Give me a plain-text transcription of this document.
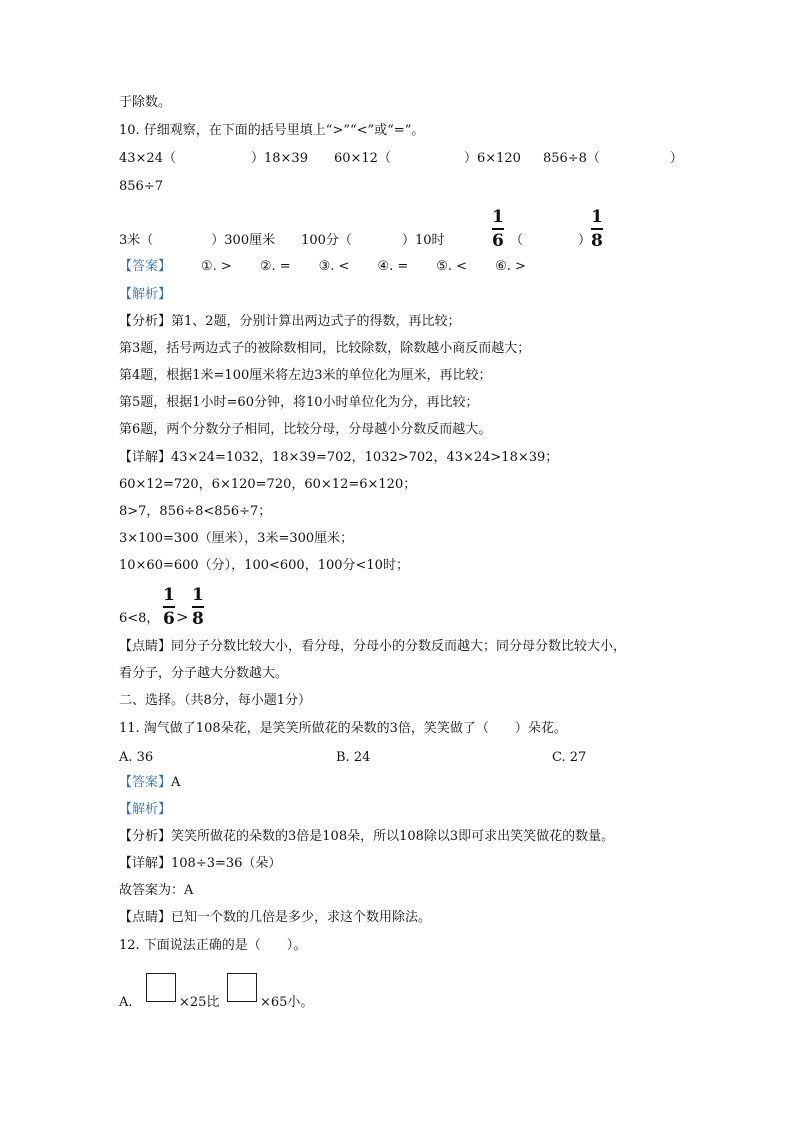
于除数。
10. 仔细观察，在下面的括号里填上“>”“<”或“=”。
43×24（	）18×39 60×12（	）6×120 856÷8（	）
856÷7
3米（	）300厘米 100分（	）10时
1
6 （	）
1
8
【答案】 ①. > ②. = ③. < ④. = ⑤. < ⑥. >
【解析】
【分析】第1、2题，分别计算出两边式子的得数，再比较；
第3题，括号两边式子的被除数相同，比较除数，除数越小商反而越大；
第4题，根据1米=100厘米将左边3米的单位化为厘米，再比较；
第5题，根据1小时=60分钟，将10小时单位化为分，再比较；
第6题，两个分数分子相同，比较分母，分母越小分数反而越大。
【详解】43×24=1032，18×39=702，1032>702，43×24>18×39；
60×12=720，6×120=720，60×12=6×120；
8>7，856÷8<856÷7；
3×100=300（厘米），3米=300厘米；
10×60=600（分），100<600，100分<10时；
6<8，
1
6 >
1
8
【点睛】同分子分数比较大小，看分母，分母小的分数反而越大；同分母分数比较大小，
看分子，分子越大分数越大。
二、选择。（共8分，每小题1分）
11. 淘气做了108朵花，是笑笑所做花的朵数的3倍，笑笑做了（　　）朵花。
A. 36	B. 24	C. 27
【答案】A
【解析】
【分析】笑笑所做花的朵数的3倍是108朵，所以108除以3即可求出笑笑做花的数量。
【详解】108÷3=36（朵）
故答案为：A
【点睛】已知一个数的几倍是多少，求这个数用除法。
12. 下面说法正确的是（　　）。
A.	×25比	×65小。
